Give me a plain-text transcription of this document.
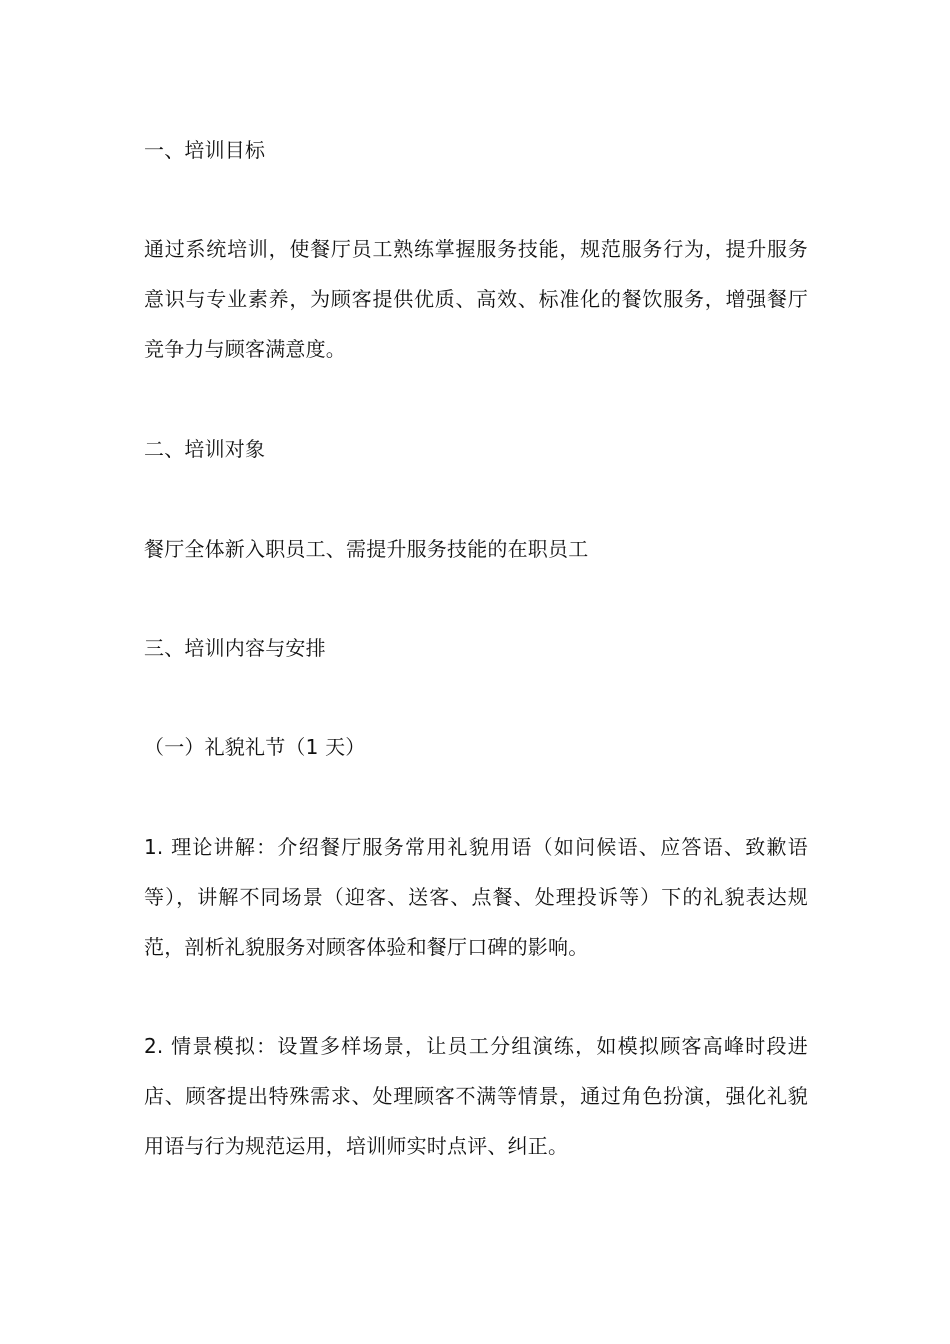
一、培训目标
通过系统培训，使餐厅员工熟练掌握服务技能，规范服务行为，提升服务意识与专业素养，为顾客提供优质、高效、标准化的餐饮服务，增强餐厅竞争力与顾客满意度。
二、培训对象
餐厅全体新入职员工、需提升服务技能的在职员工
三、培训内容与安排
（一）礼貌礼节（1 天）
1. 理论讲解：介绍餐厅服务常用礼貌用语（如问候语、应答语、致歉语等），讲解不同场景（迎客、送客、点餐、处理投诉等）下的礼貌表达规范，剖析礼貌服务对顾客体验和餐厅口碑的影响。
2. 情景模拟：设置多样场景，让员工分组演练，如模拟顾客高峰时段进店、顾客提出特殊需求、处理顾客不满等情景，通过角色扮演，强化礼貌用语与行为规范运用，培训师实时点评、纠正。
